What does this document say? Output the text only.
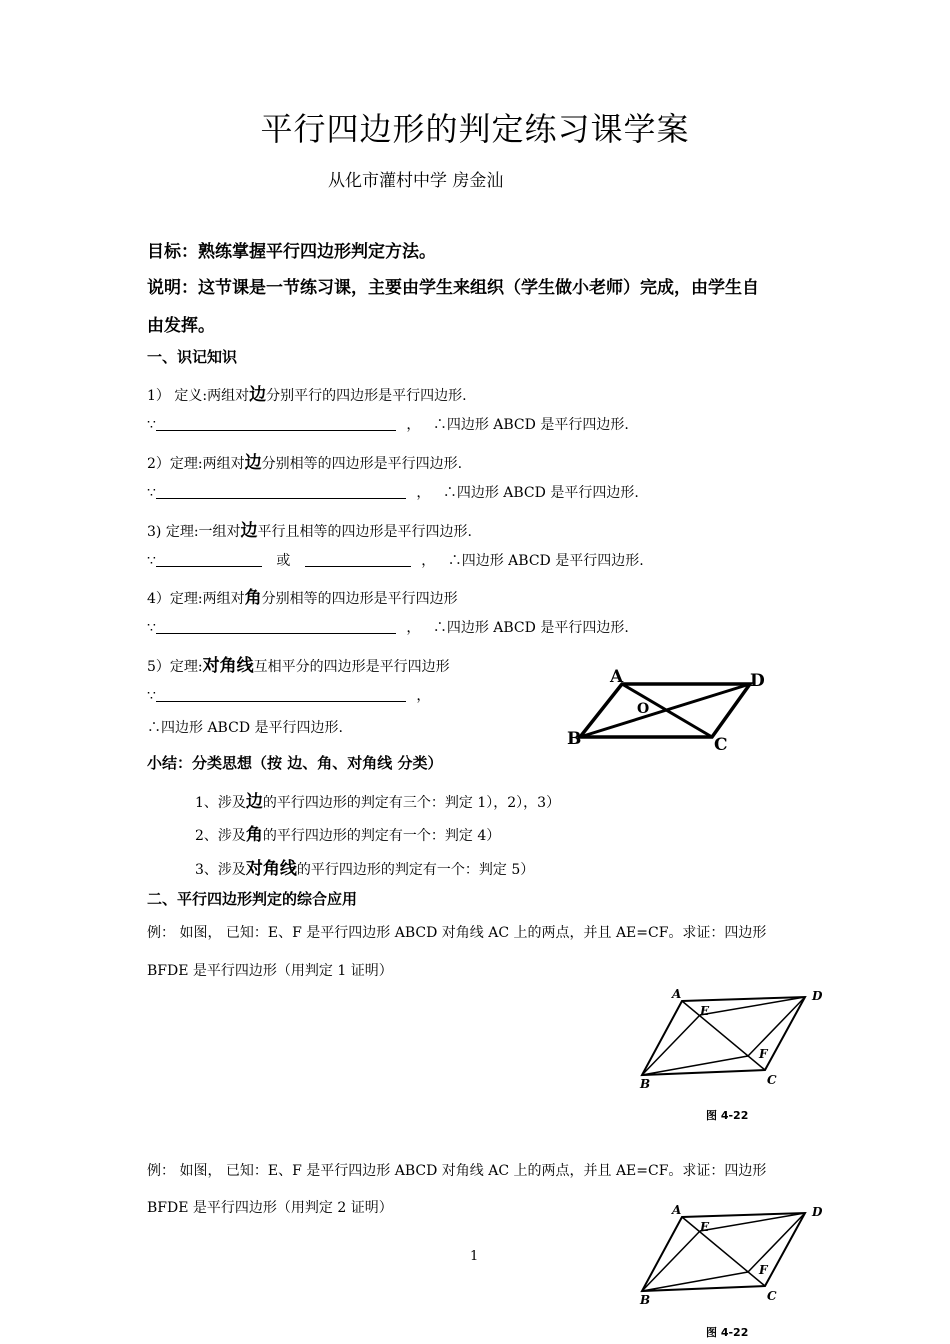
平行四边形的判定练习课学案
从化市灌村中学 房金汕
目标：熟练掌握平行四边形判定方法。
说明：这节课是一节练习课，主要由学生来组织（学生做小老师）完成，由学生自
由发挥。
一、识记知识
1） 定义:两组对边分别平行的四边形是平行四边形.
∵	， ∴四边形 ABCD 是平行四边形.
2）定理:两组对边分别相等的四边形是平行四边形.
∵	， ∴四边形 ABCD 是平行四边形.
3) 定理:一组对边平行且相等的四边形是平行四边形.
∵	或	， ∴四边形 ABCD 是平行四边形.
4）定理:两组对角分别相等的四边形是平行四边形
∵	， ∴四边形 ABCD 是平行四边形.
5）定理:对角线互相平分的四边形是平行四边形
∵	，
∴四边形 ABCD 是平行四边形.
A	D
B	C
O
小结：分类思想（按 边、角、对角线 分类）
1、涉及边的平行四边形的判定有三个：判定 1），2），3）
2、涉及角的平行四边形的判定有一个：判定 4）
3、涉及对角线的平行四边形的判定有一个：判定 5）
二、平行四边形判定的综合应用
例： 如图， 已知：E、F 是平行四边形 ABCD 对角线 AC 上的两点，并且 AE=CF。求证：四边形
BFDE 是平行四边形（用判定 1 证明）
A	D
B	C
E
F
图 4-22
例： 如图， 已知：E、F 是平行四边形 ABCD 对角线 AC 上的两点，并且 AE=CF。求证：四边形
BFDE 是平行四边形（用判定 2 证明）
1
A	D
B	C
E
F
图 4-22
